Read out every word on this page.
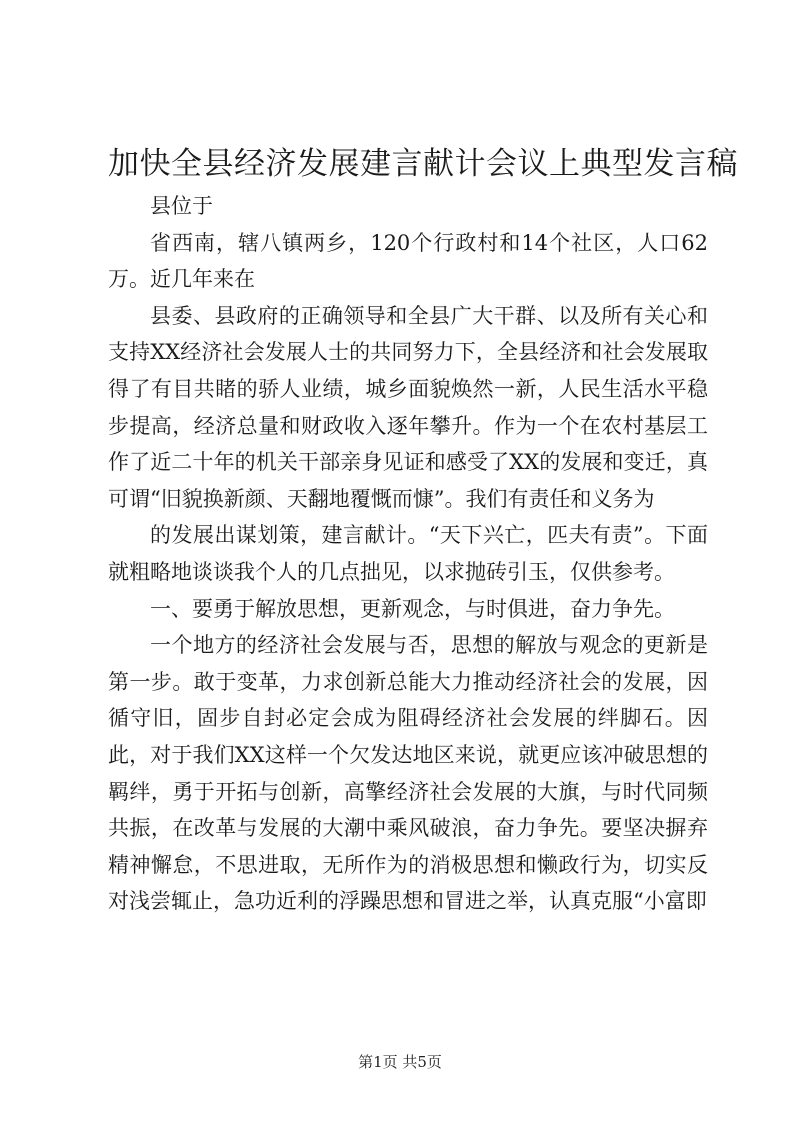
加快全县经济发展建言献计会议上典型发言稿

县位于

省西南，辖八镇两乡，120个行政村和14个社区，人口62万。近几年来在

县委、县政府的正确领导和全县广大干群、以及所有关心和支持XX经济社会发展人士的共同努力下，全县经济和社会发展取得了有目共睹的骄人业绩，城乡面貌焕然一新，人民生活水平稳步提高，经济总量和财政收入逐年攀升。作为一个在农村基层工作了近二十年的机关干部亲身见证和感受了XX的发展和变迁，真可谓“旧貌换新颜、天翻地覆慨而慷”。我们有责任和义务为

的发展出谋划策，建言献计。“天下兴亡，匹夫有责”。下面就粗略地谈谈我个人的几点拙见，以求抛砖引玉，仅供参考。

一、要勇于解放思想，更新观念，与时俱进，奋力争先。

一个地方的经济社会发展与否，思想的解放与观念的更新是第一步。敢于变革，力求创新总能大力推动经济社会的发展，因循守旧，固步自封必定会成为阻碍经济社会发展的绊脚石。因此，对于我们XX这样一个欠发达地区来说，就更应该冲破思想的羁绊，勇于开拓与创新，高擎经济社会发展的大旗，与时代同频共振，在改革与发展的大潮中乘风破浪，奋力争先。要坚决摒弃精神懈怠，不思进取，无所作为的消极思想和懒政行为，切实反对浅尝辄止，急功近利的浮躁思想和冒进之举，认真克服“小富即

第1页 共5页
